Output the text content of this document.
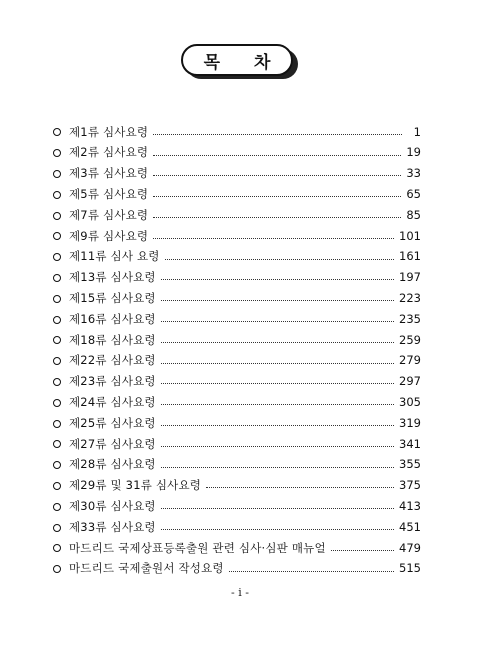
목 차
제1류 심사요령	1
제2류 심사요령	19
제3류 심사요령	33
제5류 심사요령	65
제7류 심사요령	85
제9류 심사요령	101
제11류 심사 요령	161
제13류 심사요령	197
제15류 심사요령	223
제16류 심사요령	235
제18류 심사요령	259
제22류 심사요령	279
제23류 심사요령	297
제24류 심사요령	305
제25류 심사요령	319
제27류 심사요령	341
제28류 심사요령	355
제29류 및 31류 심사요령	375
제30류 심사요령	413
제33류 심사요령	451
마드리드 국제상표등록출원 관련 심사·심판 매뉴얼	479
마드리드 국제출원서 작성요령	515
- i -
